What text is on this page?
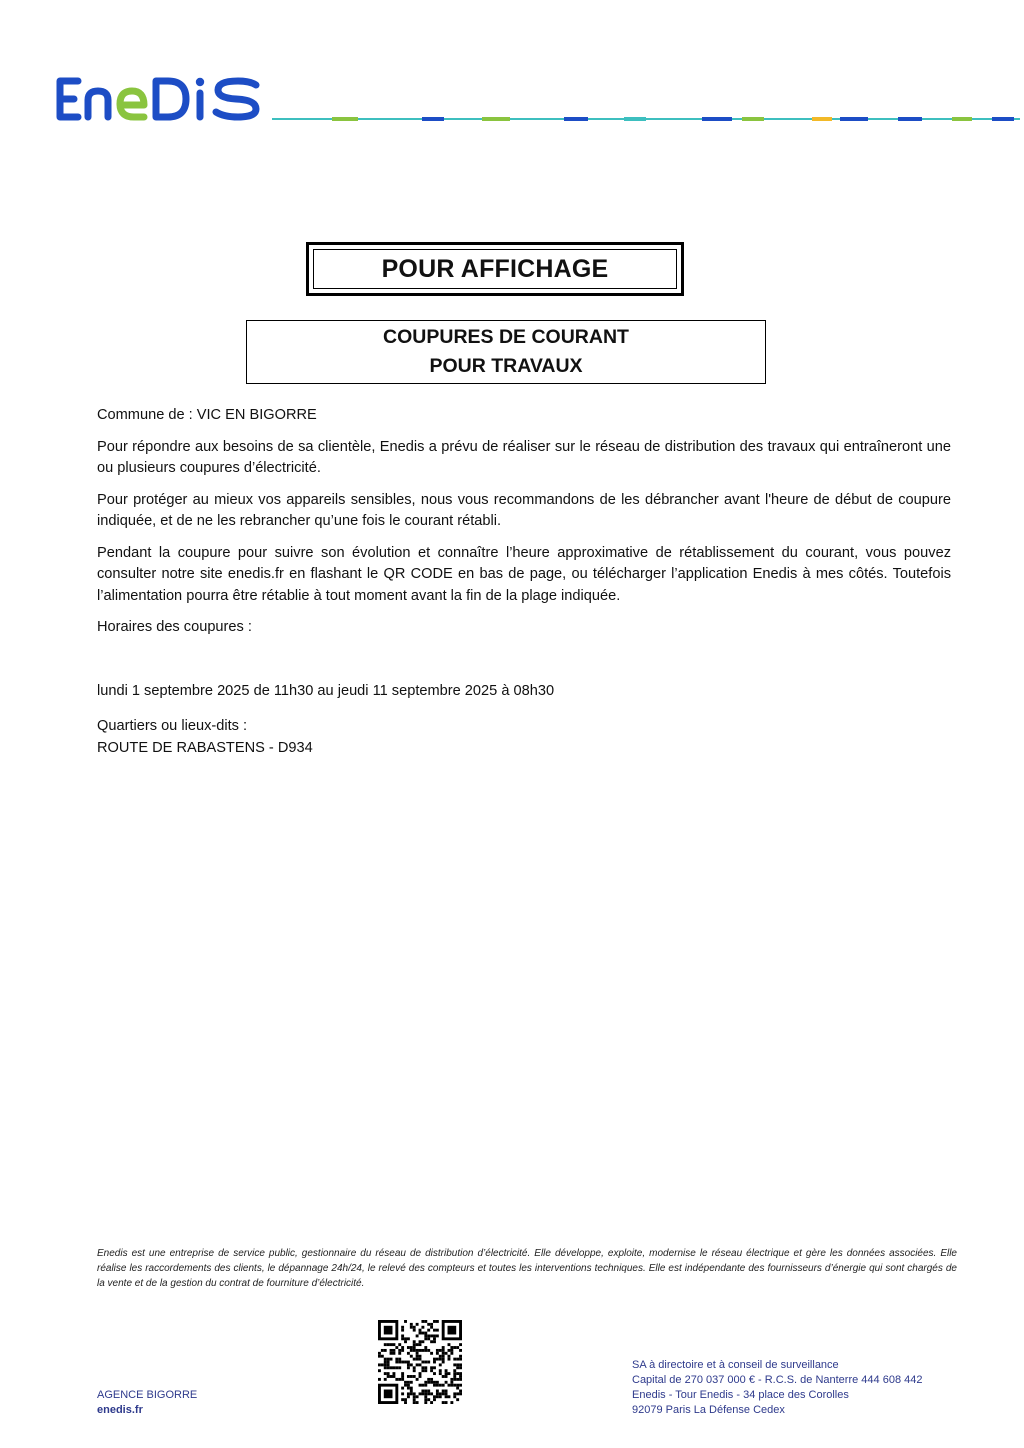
POUR AFFICHAGE
COUPURES DE COURANT
POUR TRAVAUX

Commune de : VIC EN BIGORRE

Pour répondre aux besoins de sa clientèle, Enedis a prévu de réaliser sur le réseau de distribution des travaux qui entraîneront une ou plusieurs coupures d’électricité.

Pour protéger au mieux vos appareils sensibles, nous vous recommandons de les débrancher avant l'heure de début de coupure indiquée, et de ne les rebrancher qu’une fois le courant rétabli.

Pendant la coupure pour suivre son évolution et connaître l’heure approximative de rétablissement du courant, vous pouvez consulter notre site enedis.fr en flashant le QR CODE en bas de page, ou télécharger l’application Enedis à mes côtés. Toutefois l’alimentation pourra être rétablie à tout moment avant la fin de la plage indiquée.

Horaires des coupures :

lundi 1 septembre 2025 de 11h30 au jeudi 11 septembre 2025 à 08h30

Quartiers ou lieux-dits :

ROUTE DE RABASTENS - D934

Enedis est une entreprise de service public, gestionnaire du réseau de distribution d’électricité. Elle développe, exploite, modernise le réseau électrique et gère les données associées. Elle réalise les raccordements des clients, le dépannage 24h/24, le relevé des compteurs et toutes les interventions techniques. Elle est indépendante des fournisseurs d’énergie qui sont chargés de la vente et de la gestion du contrat de fourniture d’électricité.
AGENCE BIGORRE
enedis.fr
SA à directoire et à conseil de surveillance
Capital de 270 037 000 € - R.C.S. de Nanterre 444 608 442
Enedis - Tour Enedis - 34 place des Corolles
92079 Paris La Défense Cedex
